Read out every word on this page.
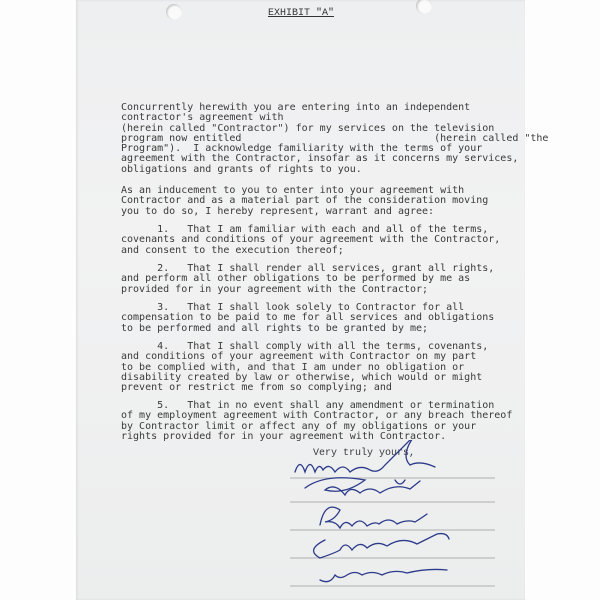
EXHIBIT "A"
Concurrently herewith you are entering into an independent
contractor's agreement with
(herein called "Contractor") for my services on the television
program now entitled                                (herein called "the
Program").  I acknowledge familiarity with the terms of your
agreement with the Contractor, insofar as it concerns my services,
obligations and grants of rights to you.
As an inducement to you to enter into your agreement with
Contractor and as a material part of the consideration moving
you to do so, I hereby represent, warrant and agree:
1.   That I am familiar with each and all of the terms,
covenants and conditions of your agreement with the Contractor,
and consent to the execution thereof;
2.   That I shall render all services, grant all rights,
and perform all other obligations to be performed by me as
provided for in your agreement with the Contractor;
3.   That I shall look solely to Contractor for all
compensation to be paid to me for all services and obligations
to be performed and all rights to be granted by me;
4.   That I shall comply with all the terms, covenants,
and conditions of your agreement with Contractor on my part
to be complied with, and that I am under no obligation or
disability created by law or otherwise, which would or might
prevent or restrict me from so complying; and
5.   That in no event shall any amendment or termination
of my employment agreement with Contractor, or any breach thereof
by Contractor limit or affect any of my obligations or your
rights provided for in your agreement with Contractor.
Very truly yours,
